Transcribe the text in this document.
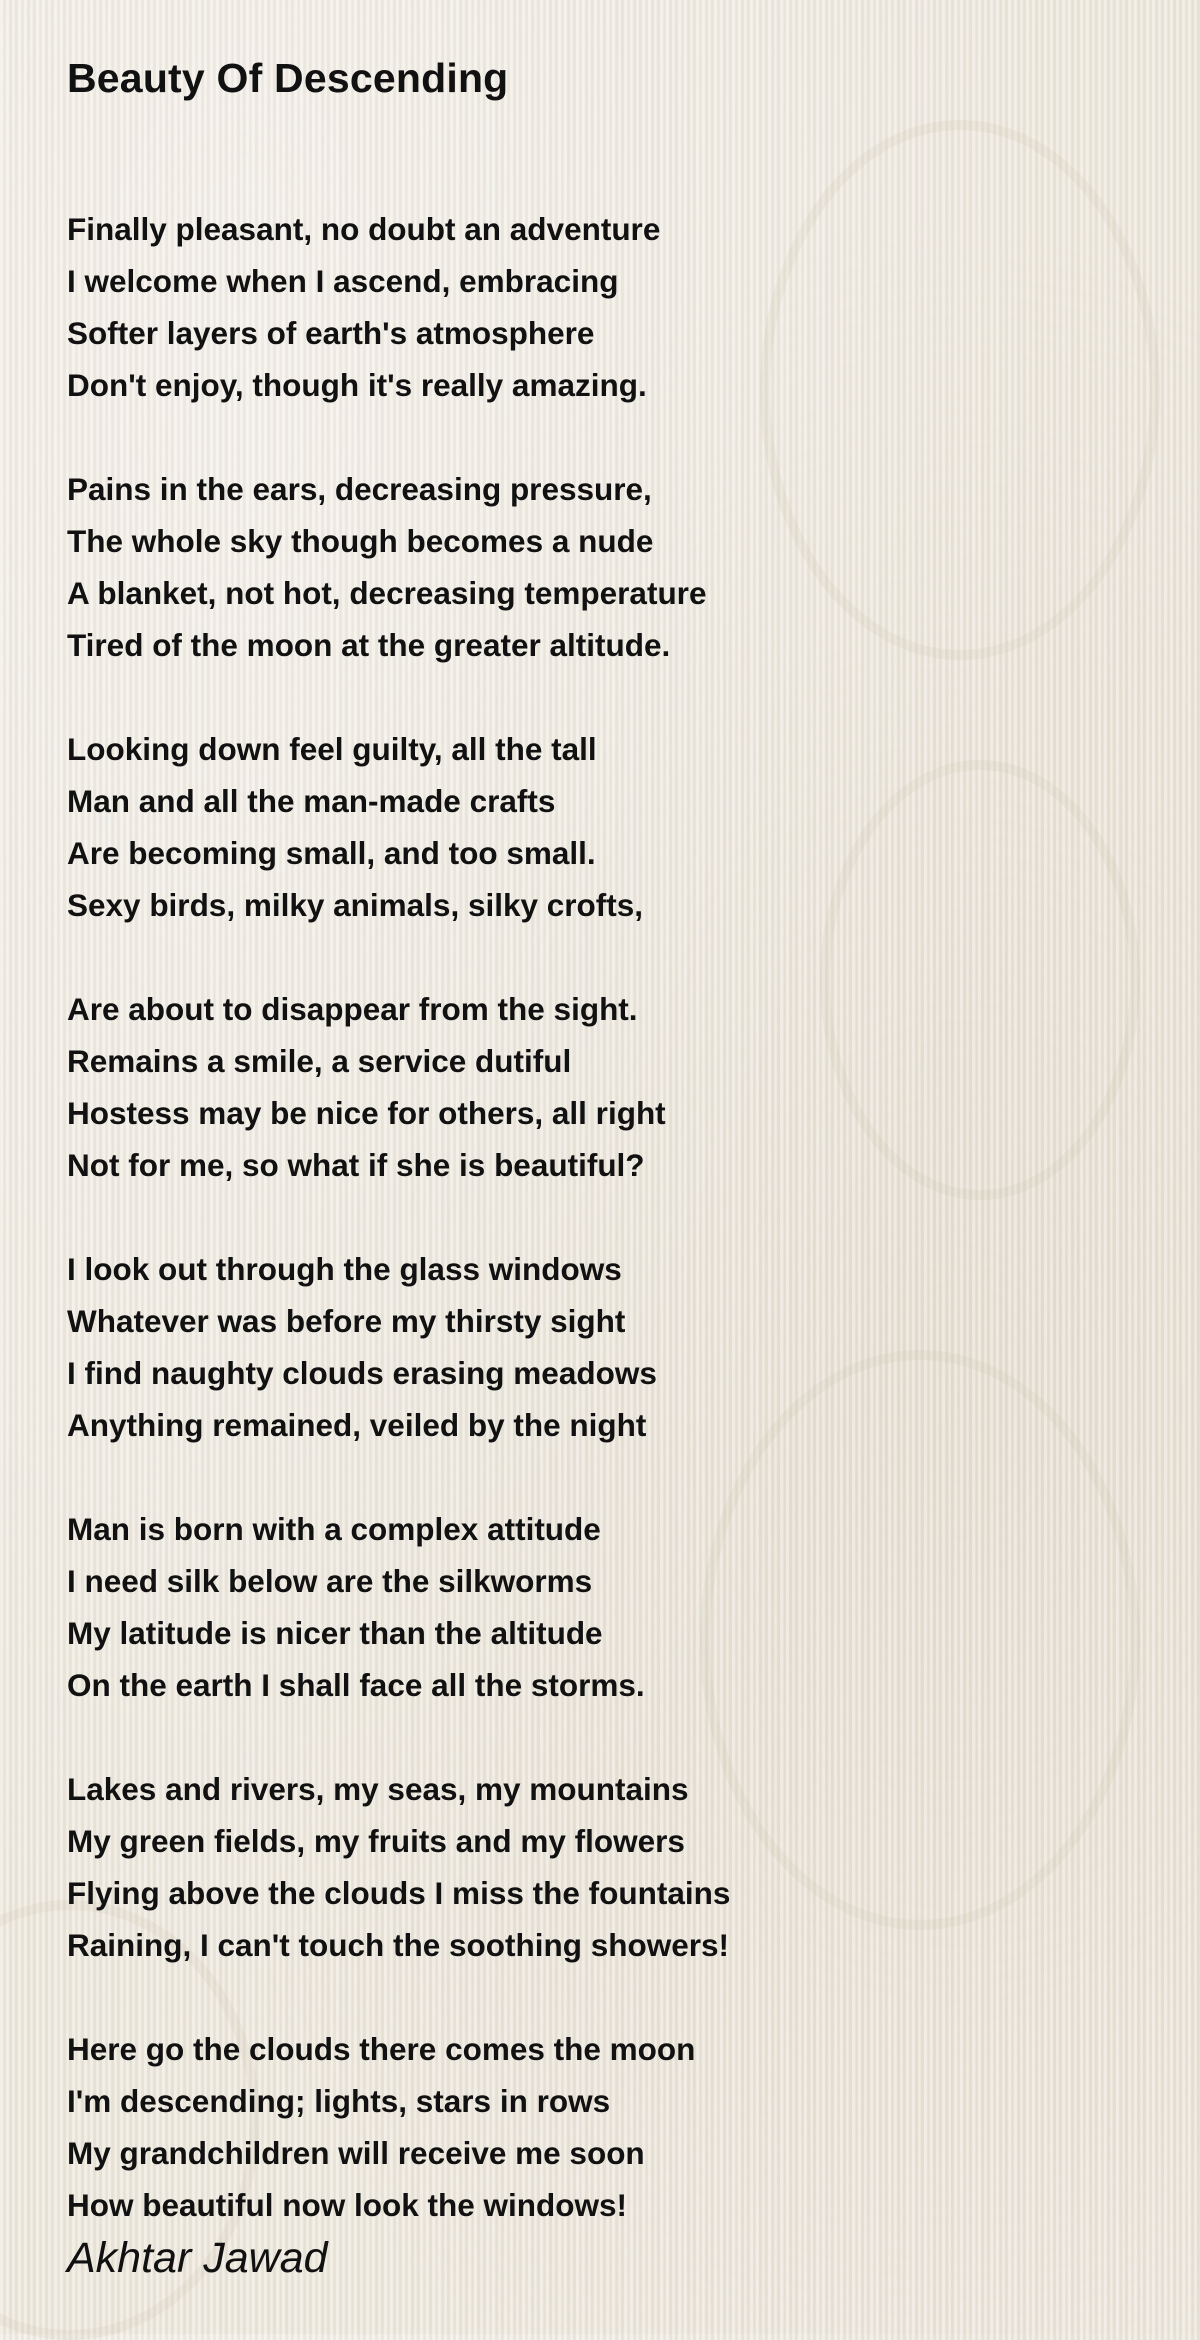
Beauty Of Descending
Finally pleasant, no doubt an adventure
I welcome when I ascend, embracing
Softer layers of earth's atmosphere
Don't enjoy, though it's really amazing.
Pains in the ears, decreasing pressure,
The whole sky though becomes a nude
A blanket, not hot, decreasing temperature
Tired of the moon at the greater altitude.
Looking down feel guilty, all the tall
Man and all the man-made crafts
Are becoming small, and too small.
Sexy birds, milky animals, silky crofts,
Are about to disappear from the sight.
Remains a smile, a service dutiful
Hostess may be nice for others, all right
Not for me, so what if she is beautiful?
I look out through the glass windows
Whatever was before my thirsty sight
I find naughty clouds erasing meadows
Anything remained, veiled by the night
Man is born with a complex attitude
I need silk below are the silkworms
My latitude is nicer than the altitude
On the earth I shall face all the storms.
Lakes and rivers, my seas, my mountains
My green fields, my fruits and my flowers
Flying above the clouds I miss the fountains
Raining, I can't touch the soothing showers!
Here go the clouds there comes the moon
I'm descending; lights, stars in rows
My grandchildren will receive me soon
How beautiful now look the windows!
Akhtar Jawad
